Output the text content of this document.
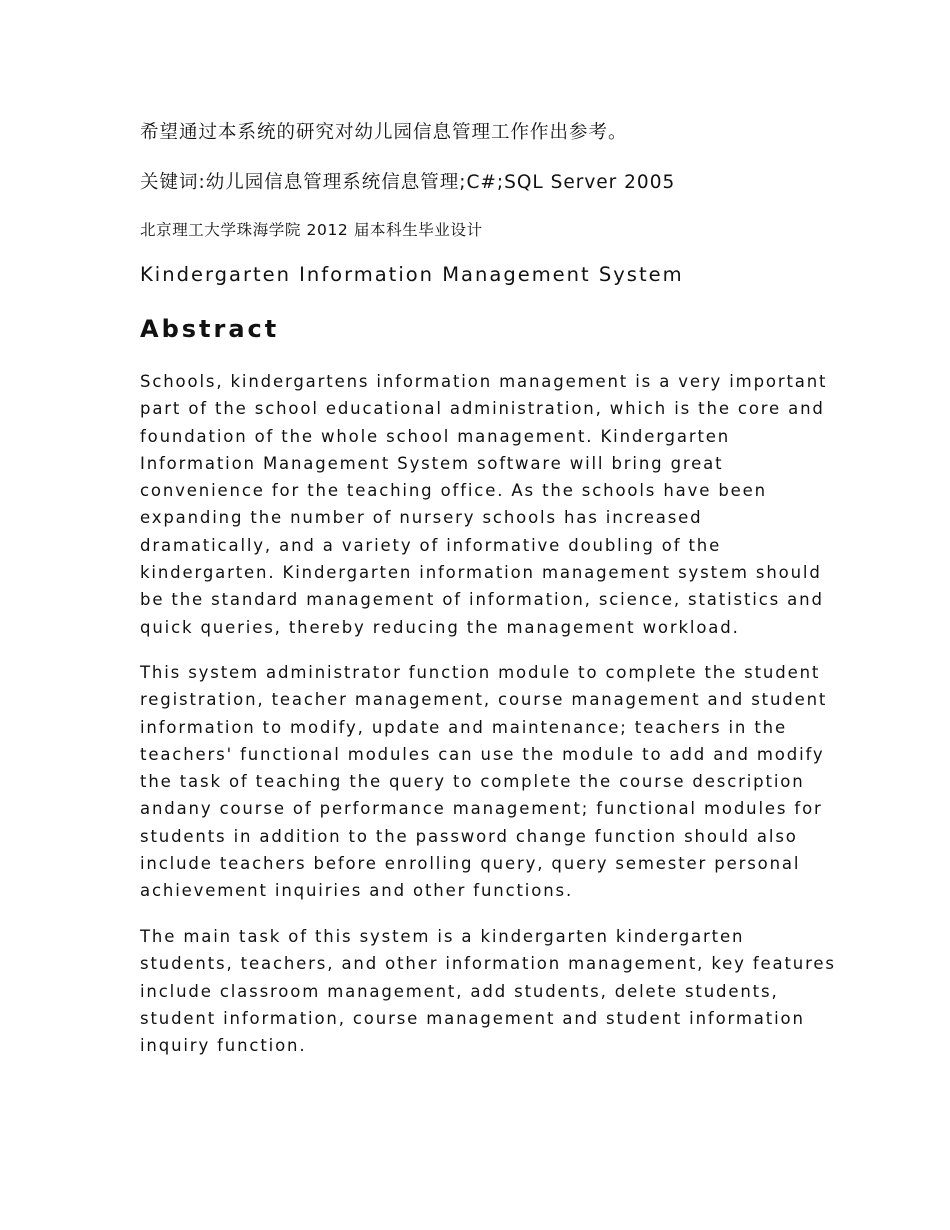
希望通过本系统的研究对幼儿园信息管理工作作出参考。
关键词:幼儿园信息管理系统信息管理;C#;SQL Server 2005
北京理工大学珠海学院 2012 届本科生毕业设计
Kindergarten Information Management System
Abstract
Schools, kindergartens information management is a very important
part of the school educational administration, which is the core and
foundation of the whole school management. Kindergarten
Information Management System software will bring great
convenience for the teaching office. As the schools have been
expanding the number of nursery schools has increased
dramatically, and a variety of informative doubling of the
kindergarten. Kindergarten information management system should
be the standard management of information, science, statistics and
quick queries, thereby reducing the management workload.
This system administrator function module to complete the student
registration, teacher management, course management and student
information to modify, update and maintenance; teachers in the
teachers' functional modules can use the module to add and modify
the task of teaching the query to complete the course description
andany course of performance management; functional modules for
students in addition to the password change function should also
include teachers before enrolling query, query semester personal
achievement inquiries and other functions.
The main task of this system is a kindergarten kindergarten
students, teachers, and other information management, key features
include classroom management, add students, delete students,
student information, course management and student information
inquiry function.
